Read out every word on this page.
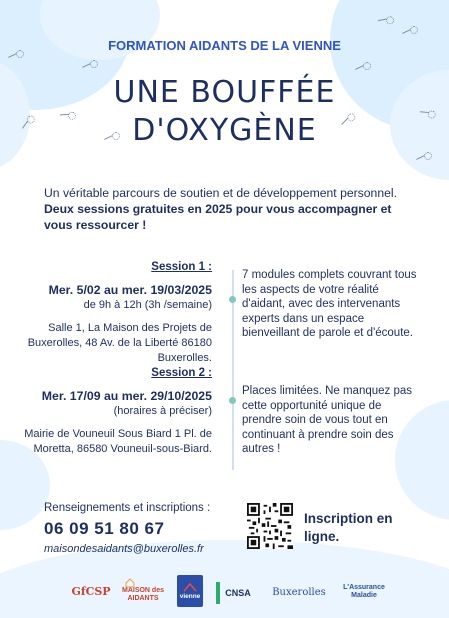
FORMATION AIDANTS DE LA VIENNE
UNE BOUFFÉE
D'OXYGÈNE
Un véritable parcours de soutien et de développement personnel.
Deux sessions gratuites en 2025 pour vous accompagner et vous ressourcer !
Session 1 :
Mer. 5/02 au mer. 19/03/2025
de 9h à 12h (3h /semaine)
Salle 1, La Maison des Projets de Buxerolles, 48 Av. de la Liberté 86180 Buxerolles.
Session 2 :
Mer. 17/09 au mer. 29/10/2025
(horaires à préciser)
Mairie de Vouneuil Sous Biard 1 Pl. de Moretta, 86580 Vouneuil-sous-Biard.
7 modules complets couvrant tous les aspects de votre réalité d'aidant, avec des intervenants experts dans un espace bienveillant de parole et d'écoute.
Places limitées. Ne manquez pas cette opportunité unique de prendre soin de vous tout en continuant à prendre soin des autres !
Renseignements et inscriptions :
06 09 51 80 67
maisondesaidants@buxerolles.fr
Inscription en ligne.
GfCSP MAISON des AIDANTS	vienne	CNSA Buxerolles	L'Assurance Maladie
